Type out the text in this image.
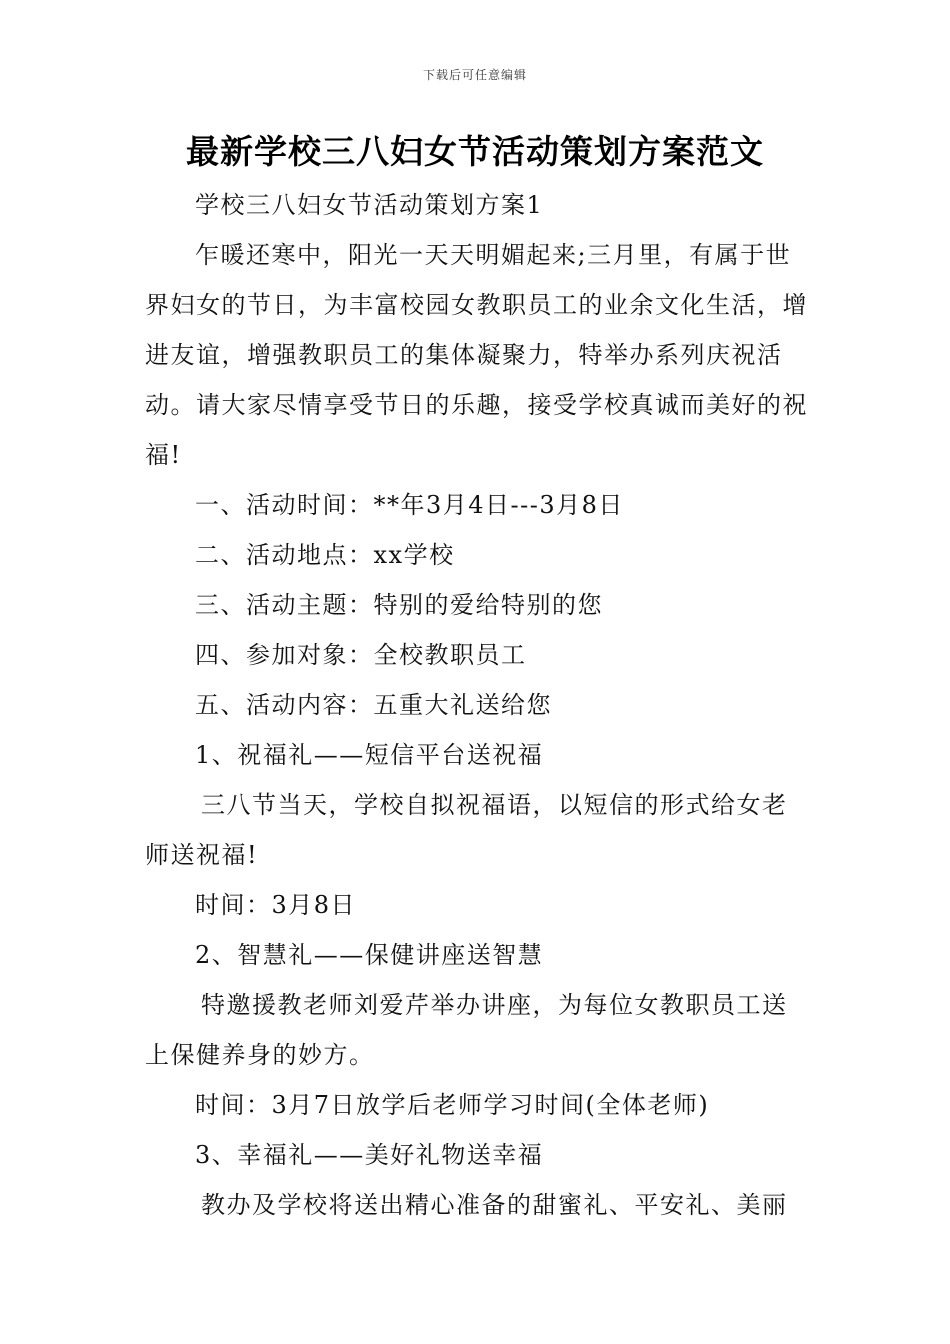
下载后可任意编辑
最新学校三八妇女节活动策划方案范文

学校三八妇女节活动策划方案1

乍暖还寒中，阳光一天天明媚起来;三月里，有属于世界妇女的节日，为丰富校园女教职员工的业余文化生活，增进友谊，增强教职员工的集体凝聚力，特举办系列庆祝活动。请大家尽情享受节日的乐趣，接受学校真诚而美好的祝福!

一、活动时间：**年3月4日---3月8日

二、活动地点：xx学校

三、活动主题：特别的爱给特别的您

四、参加对象：全校教职员工

五、活动内容：五重大礼送给您

1、祝福礼——短信平台送祝福

三八节当天，学校自拟祝福语，以短信的形式给女老师送祝福!

时间：3月8日

2、智慧礼——保健讲座送智慧

特邀援教老师刘爱芹举办讲座，为每位女教职员工送上保健养身的妙方。

时间：3月7日放学后老师学习时间(全体老师)

3、幸福礼——美好礼物送幸福

教办及学校将送出精心准备的甜蜜礼、平安礼、美丽
